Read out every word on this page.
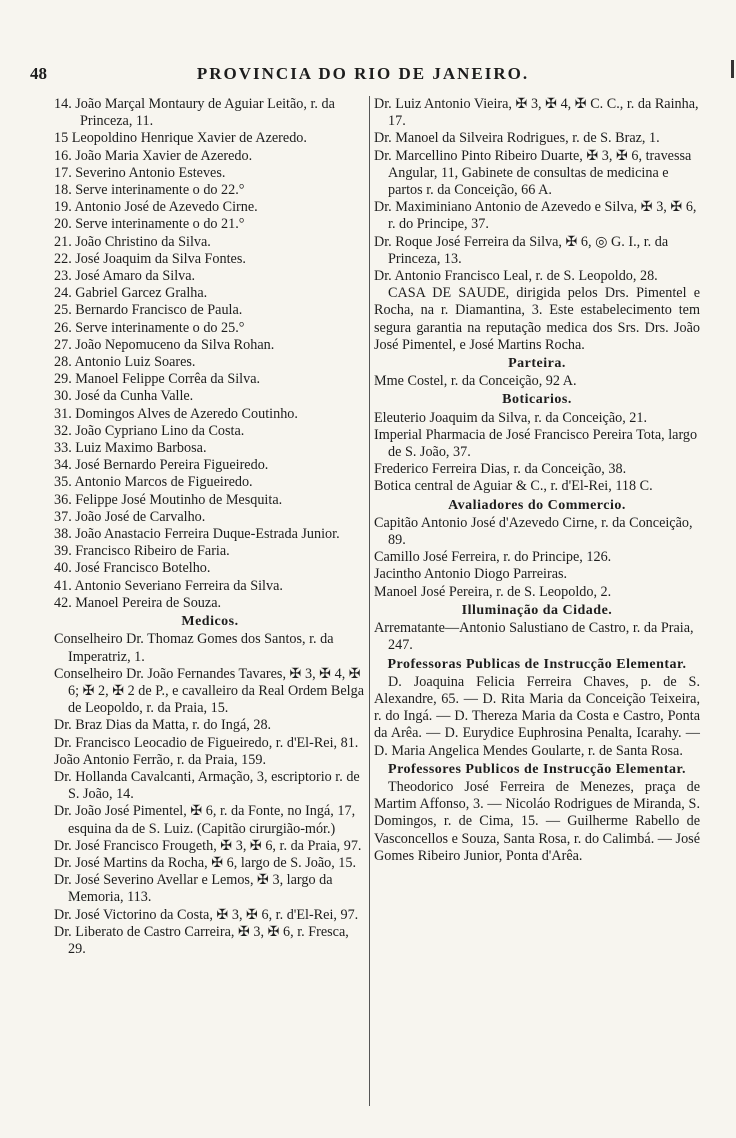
48	PROVINCIA DO RIO DE JANEIRO.

14. João Marçal Montaury de Aguiar Leitão, r. da Princeza, 11.

15 Leopoldino Henrique Xavier de Azeredo.

16. João Maria Xavier de Azeredo.

17. Severino Antonio Esteves.

18. Serve interinamente o do 22.°

19. Antonio José de Azevedo Cirne.

20. Serve interinamente o do 21.°

21. João Christino da Silva.

22. José Joaquim da Silva Fontes.

23. José Amaro da Silva.

24. Gabriel Garcez Gralha.

25. Bernardo Francisco de Paula.

26. Serve interinamente o do 25.°

27. João Nepomuceno da Silva Rohan.

28. Antonio Luiz Soares.

29. Manoel Felippe Corrêa da Silva.

30. José da Cunha Valle.

31. Domingos Alves de Azeredo Coutinho.

32. João Cypriano Lino da Costa.

33. Luiz Maximo Barbosa.

34. José Bernardo Pereira Figueiredo.

35. Antonio Marcos de Figueiredo.

36. Felippe José Moutinho de Mesquita.

37. João José de Carvalho.

38. João Anastacio Ferreira Duque-Estrada Junior.

39. Francisco Ribeiro de Faria.

40. José Francisco Botelho.

41. Antonio Severiano Ferreira da Silva.

42. Manoel Pereira de Souza.

Medicos.

Conselheiro Dr. Thomaz Gomes dos Santos, r. da Imperatriz, 1.

Conselheiro Dr. João Fernandes Tavares, ✠ 3, ✠ 4, ✠ 6; ✠ 2, ✠ 2 de P., e cavalleiro da Real Ordem Belga de Leopoldo, r. da Praia, 15.

Dr. Braz Dias da Matta, r. do Ingá, 28.

Dr. Francisco Leocadio de Figueiredo, r. d'El-Rei, 81.

João Antonio Ferrão, r. da Praia, 159.

Dr. Hollanda Cavalcanti, Armação, 3, escriptorio r. de S. João, 14.

Dr. João José Pimentel, ✠ 6, r. da Fonte, no Ingá, 17, esquina da de S. Luiz. (Capitão cirurgião-mór.)

Dr. José Francisco Frougeth, ✠ 3, ✠ 6, r. da Praia, 97.

Dr. José Martins da Rocha, ✠ 6, largo de S. João, 15.

Dr. José Severino Avellar e Lemos, ✠ 3, largo da Memoria, 113.

Dr. José Victorino da Costa, ✠ 3, ✠ 6, r. d'El-Rei, 97.

Dr. Liberato de Castro Carreira, ✠ 3, ✠ 6, r. Fresca, 29.

Dr. Luiz Antonio Vieira, ✠ 3, ✠ 4, ✠ C. C., r. da Rainha, 17.

Dr. Manoel da Silveira Rodrigues, r. de S. Braz, 1.

Dr. Marcellino Pinto Ribeiro Duarte, ✠ 3, ✠ 6, travessa Angular, 11, Gabinete de consultas de medicina e partos r. da Conceição, 66 A.

Dr. Maximiniano Antonio de Azevedo e Silva, ✠ 3, ✠ 6, r. do Principe, 37.

Dr. Roque José Ferreira da Silva, ✠ 6, ◎ G. I., r. da Princeza, 13.

Dr. Antonio Francisco Leal, r. de S. Leopoldo, 28.

CASA DE SAUDE, dirigida pelos Drs. Pimentel e Rocha, na r. Diamantina, 3. Este estabelecimento tem segura garantia na reputação medica dos Srs. Drs. João José Pimentel, e José Martins Rocha.

Parteira.

Mme Costel, r. da Conceição, 92 A.

Boticarios.

Eleuterio Joaquim da Silva, r. da Conceição, 21.

Imperial Pharmacia de José Francisco Pereira Tota, largo de S. João, 37.

Frederico Ferreira Dias, r. da Conceição, 38.

Botica central de Aguiar & C., r. d'El-Rei, 118 C.

Avaliadores do Commercio.

Capitão Antonio José d'Azevedo Cirne, r. da Conceição, 89.

Camillo José Ferreira, r. do Principe, 126.

Jacintho Antonio Diogo Parreiras.

Manoel José Pereira, r. de S. Leopoldo, 2.

Illuminação da Cidade.

Arrematante—Antonio Salustiano de Castro, r. da Praia, 247.

Professoras Publicas de Instrucção Elementar.

D. Joaquina Felicia Ferreira Chaves, p. de S. Alexandre, 65. — D. Rita Maria da Conceição Teixeira, r. do Ingá. — D. Thereza Maria da Costa e Castro, Ponta da Arêa. — D. Eurydice Euphrosina Penalta, Icarahy. — D. Maria Angelica Mendes Goularte, r. de Santa Rosa.

Professores Publicos de Instrucção Elementar.

Theodorico José Ferreira de Menezes, praça de Martim Affonso, 3. — Nicoláo Rodrigues de Miranda, S. Domingos, r. de Cima, 15. — Guilherme Rabello de Vasconcellos e Souza, Santa Rosa, r. do Calimbá. — José Gomes Ribeiro Junior, Ponta d'Arêa.
